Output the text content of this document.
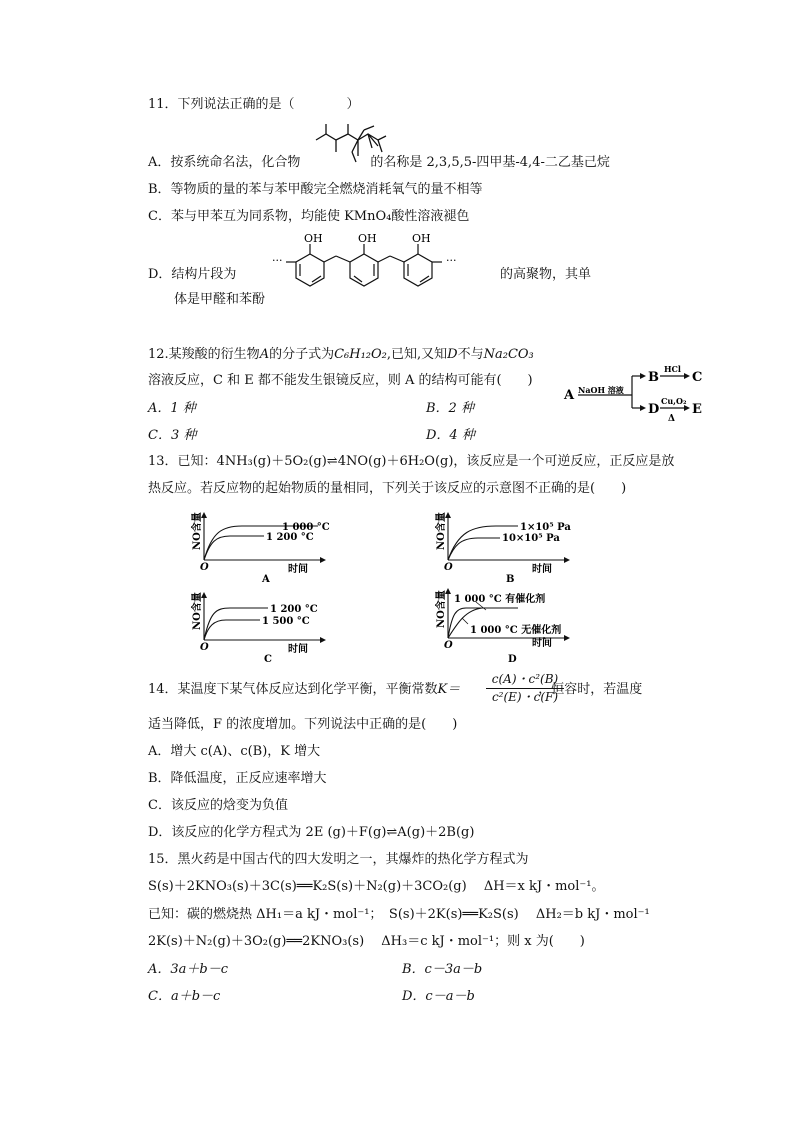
11．下列说法正确的是（　　　　）
A．按系统命名法，化合物	的名称是 2,3,5,5-四甲基-4,4-二乙基己烷
B．等物质的量的苯与苯甲酸完全燃烧消耗氧气的量不相等
C．苯与甲苯互为同系物，均能使 KMnO₄酸性溶液褪色
D．结构片段为
OH	OH	OH
···	···
的高聚物，其单
体是甲醛和苯酚
12.某羧酸的衍生物A的分子式为C₆H₁₂O₂,已知,又知D不与Na₂CO₃
溶液反应，C 和 E 都不能发生银镜反应，则 A 的结构可能有(　　)
A NaOH 溶液
B
HCl
C
D
Cu,O₂
Δ
E
A．1 种	B．2 种
C．3 种	D．4 种
13．已知：4NH₃(g)＋5O₂(g)⇌4NO(g)＋6H₂O(g)，该反应是一个可逆反应，正反应是放
热反应。若反应物的起始物质的量相同，下列关于该反应的示意图不正确的是(　　)
NO含量
O	时间
1 000 °C
1 200 °C
A
NO含量
O	时间
1×10⁵ Pa
10×10⁵ Pa
B
NO含量
O	时间
1 200 °C
1 500 °C
C
NO含量
O	时间
1 000 °C 有催化剂
1 000 °C 无催化剂
D
14．某温度下某气体反应达到化学平衡，平衡常数K＝	，恒容时，若温度
c(A)・c²(B)
c²(E)・c(F)
适当降低，F 的浓度增加。下列说法中正确的是(　　)
A．增大 c(A)、c(B)，K 增大
B．降低温度，正反应速率增大
C．该反应的焓变为负值
D．该反应的化学方程式为 2E (g)＋F(g)⇌A(g)＋2B(g)
15．黑火药是中国古代的四大发明之一，其爆炸的热化学方程式为
S(s)＋2KNO₃(s)＋3C(s)══K₂S(s)＋N₂(g)＋3CO₂(g)　 ΔH＝x kJ・mol⁻¹。
已知：碳的燃烧热 ΔH₁＝a kJ・mol⁻¹；　S(s)＋2K(s)══K₂S(s)　 ΔH₂＝b kJ・mol⁻¹
2K(s)＋N₂(g)＋3O₂(g)══2KNO₃(s)　 ΔH₃＝c kJ・mol⁻¹；则 x 为(　　)
A．3a＋b－c	B．c－3a－b
C．a＋b－c	D．c－a－b
